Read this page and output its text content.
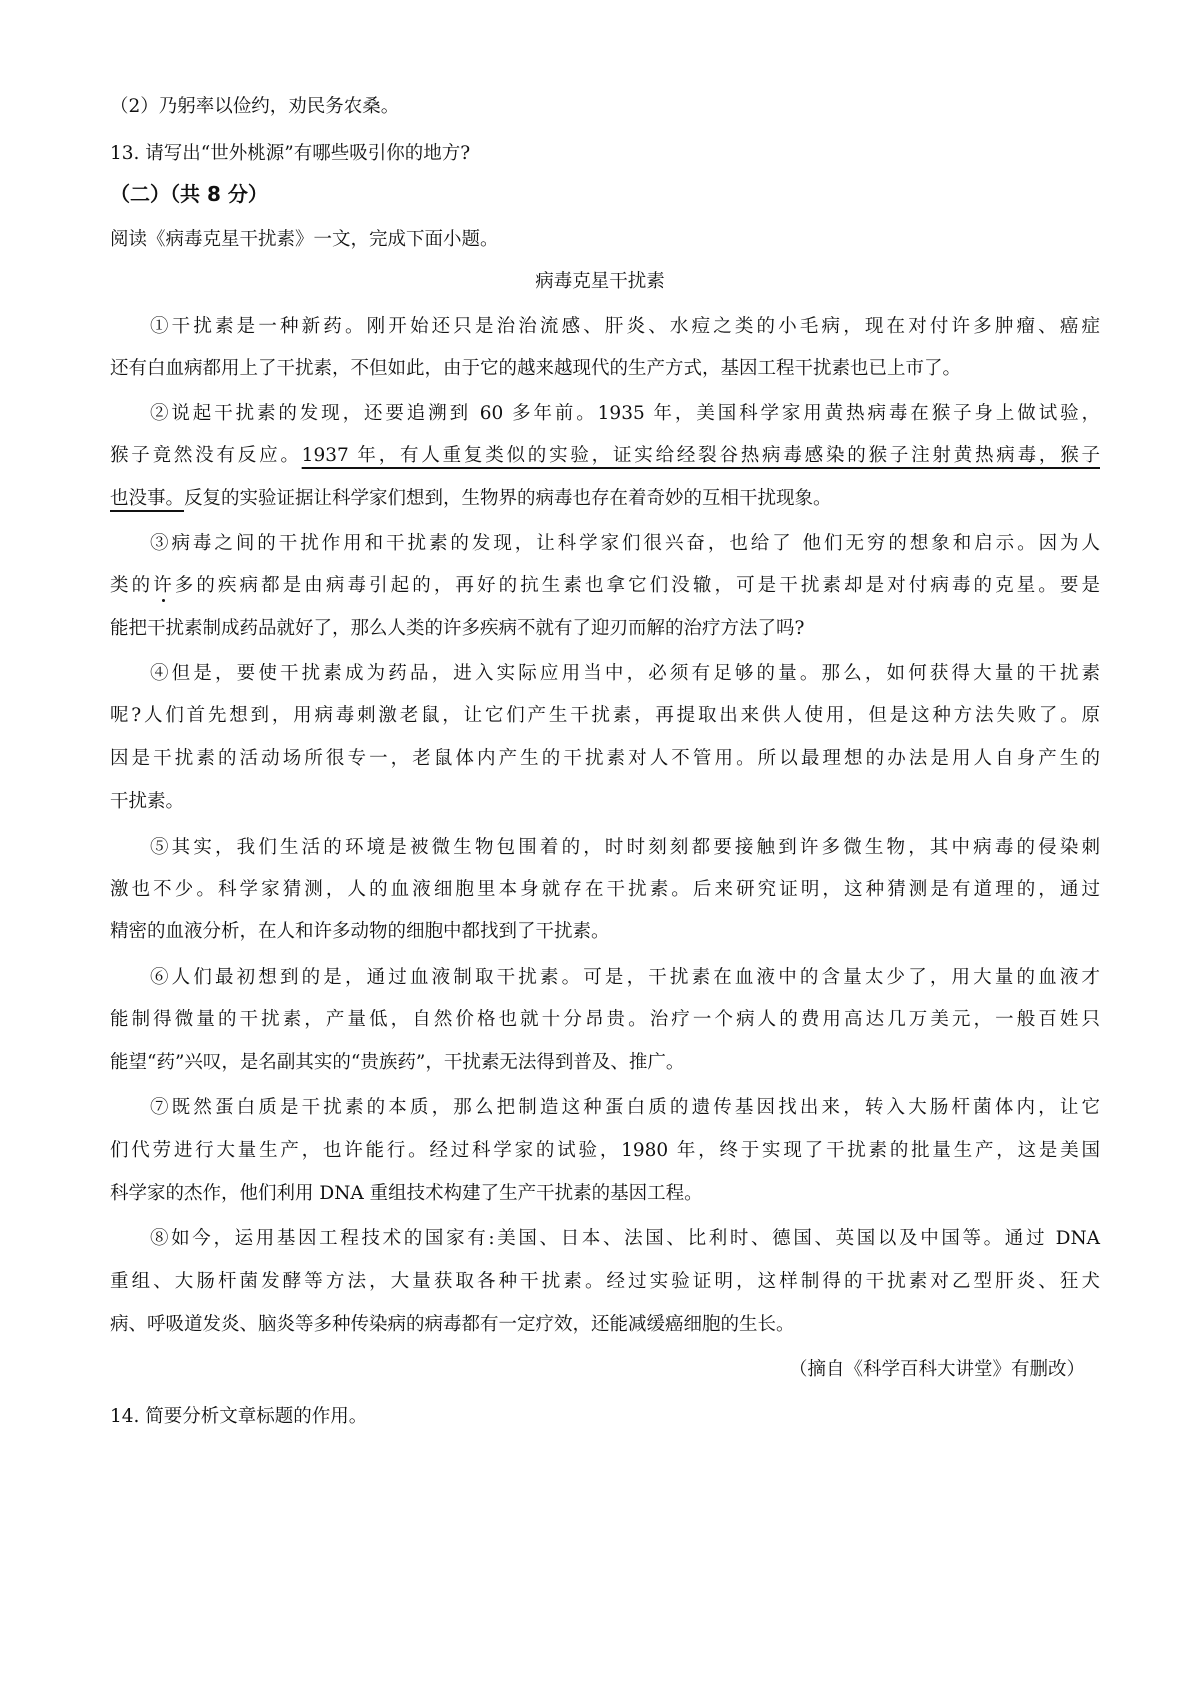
（2）乃躬率以俭约，劝民务农桑。
13. 请写出“世外桃源”有哪些吸引你的地方?
（二）（共 8 分）
阅读《病毒克星干扰素》一文，完成下面小题。
病毒克星干扰素
①干扰素是一种新药。刚开始还只是治治流感、肝炎、水痘之类的小毛病，现在对付许多肿瘤、癌症
还有白血病都用上了干扰素，不但如此，由于它的越来越现代的生产方式，基因工程干扰素也已上市了。
②说起干扰素的发现，还要追溯到 60 多年前。1935 年，美国科学家用黄热病毒在猴子身上做试验，
猴子竟然没有反应。1937 年，有人重复类似的实验，证实给经裂谷热病毒感染的猴子注射黄热病毒，猴子
也没事。反复的实验证据让科学家们想到，生物界的病毒也存在着奇妙的互相干扰现象。
③病毒之间的干扰作用和干扰素的发现，让科学家们很兴奋，也给了 他们无穷的想象和启示。因为人
类的许多的疾病都是由病毒引起的，再好的抗生素也拿它们没辙，可是干扰素却是对付病毒的克星。要是
能把干扰素制成药品就好了，那么人类的许多疾病不就有了迎刃而解的治疗方法了吗?
④但是，要使干扰素成为药品，进入实际应用当中，必须有足够的量。那么，如何获得大量的干扰素
呢?人们首先想到，用病毒刺激老鼠，让它们产生干扰素，再提取出来供人使用，但是这种方法失败了。原
因是干扰素的活动场所很专一，老鼠体内产生的干扰素对人不管用。所以最理想的办法是用人自身产生的
干扰素。
⑤其实，我们生活的环境是被微生物包围着的，时时刻刻都要接触到许多微生物，其中病毒的侵染刺
激也不少。科学家猜测，人的血液细胞里本身就存在干扰素。后来研究证明，这种猜测是有道理的，通过
精密的血液分析，在人和许多动物的细胞中都找到了干扰素。
⑥人们最初想到的是，通过血液制取干扰素。可是，干扰素在血液中的含量太少了，用大量的血液才
能制得微量的干扰素，产量低，自然价格也就十分昂贵。治疗一个病人的费用高达几万美元，一般百姓只
能望“药”兴叹，是名副其实的“贵族药”，干扰素无法得到普及、推广。
⑦既然蛋白质是干扰素的本质，那么把制造这种蛋白质的遗传基因找出来，转入大肠杆菌体内，让它
们代劳进行大量生产，也许能行。经过科学家的试验，1980 年，终于实现了干扰素的批量生产，这是美国
科学家的杰作，他们利用 DNA 重组技术构建了生产干扰素的基因工程。
⑧如今，运用基因工程技术的国家有:美国、日本、法国、比利时、德国、英国以及中国等。通过 DNA
重组、大肠杆菌发酵等方法，大量获取各种干扰素。经过实验证明，这样制得的干扰素对乙型肝炎、狂犬
病、呼吸道发炎、脑炎等多种传染病的病毒都有一定疗效，还能减缓癌细胞的生长。
（摘自《科学百科大讲堂》有删改）
14. 简要分析文章标题的作用。
